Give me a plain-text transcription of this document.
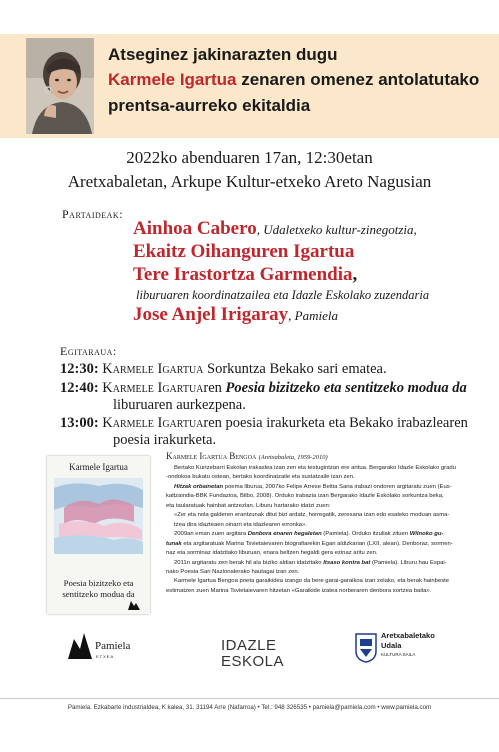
Atseginez jakinarazten dugu
Karmele Igartua zenaren omenez antolatutako
prentsa-aurreko ekitaldia
2022ko abenduaren 17an, 12:30etan
Aretxabaletan, Arkupe Kultur-etxeko Areto Nagusian
Partaideak:
Ainhoa Cabero, Udaletxeko kultur-zinegotzia,
Ekaitz Oihanguren Igartua
Tere Irastortza Garmendia,
liburuaren koordinatzailea eta Idazle Eskolako zuzendaria
Jose Anjel Irigaray, Pamiela
Egitaraua:
12:30: Karmele Igartua Sorkuntza Bekako sari ematea.
12:40: Karmele Igartuaren Poesia bizitzeko eta sentitzeko modua da
liburuaren aurkezpena.
13:00: Karmele Igartuaren poesia irakurketa eta Bekako irabazlearen
poesia irakurketa.
Karmele Igartua
Poesia bizitzeko eta
sentitzeko modua da

Karmele Igartua Bengoa (Aretxabaleta, 1959-2010)

Bertako Kurtzebarri Eskolan irakaslea izan zen eta testugintzan ere aritua. Bergarako Idazle Eskolako gradu

-ondokoa bukatu ostean, bertako koordinatzaile eta sustatzaile izan zen.

Hitzak orbainetan poema liburua, 2007ko Felipe Arrese Beitia Saria irabazi ondoren argitaratu zuen (Eus-

kaltzaindia-BBK Fundazioa, Bilbo, 2008). Orduko irabazia izan Bergarako Idazle Eskolako sorkuntza beka,

eta taularatuak hainbat antzezlan. Liburu hartarako idatzi zuen:

«Zer eta nola galderen erantzunak ditut bizi ardatz, horregatik, zeresana izan edo esateko moduan asma-

tzea dira idazteaen oinarri eta idazlearen erronka».

2009an eman zuen argitara Denbora enaren hegaletan (Pamiela). Orduko itzuliak zituen Wilnoko gu-

tunak eta argitaratuak Marina Tsvietaievaren biografiarekin Egan aldizkarian (LXII. alean). Denboraz, sormen-

naz eta sorminaz idatzitako liburuan, enara beltzen hegaldi gera ezinaz aritu zen.

2011n argitaratu zen berak hil ala biziko aldian idatzitako Itsaso kontra bat (Pamiela). Liburu hau Espai-

nako Poesia Sari Nazionalerako hautagai izan zen.

Karmele Igartua Bengoa poeta garaikidea izango da bere garai-garaikoa izan zelako, eta berak hainbeste

estimatzen zuen Marina Tsvietaievaren hitzetan «Garaikide izatea norberaren denbora sortzea baita».

Pamiela
ETXEA
IDAZLE
ESKOLA
Aretxabaletako
Udala
KULTURA SAILA
Pamiela. Ezkabarte industrialdea, K kalea, 31. 31194 Arre (Nafarroa) • Tel.: 948 326535 • pamiela@pamiela.com • www.pamiela.com
